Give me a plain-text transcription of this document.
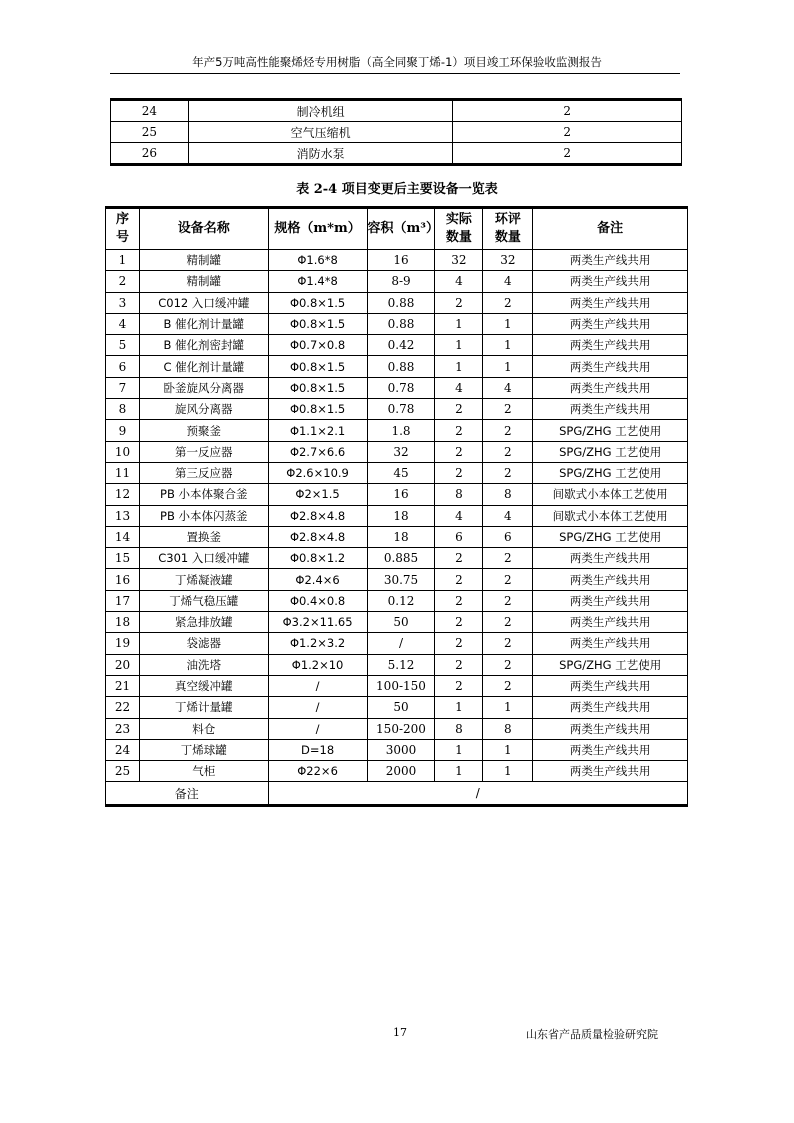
年产5万吨高性能聚烯烃专用树脂（高全同聚丁烯-1）项目竣工环保验收监测报告
24	制冷机组	2
25	空气压缩机	2
26	消防水泵	2
表 2-4 项目变更后主要设备一览表
序号	设备名称	规格（m*m）	容积（m³）	实际数量	环评数量	备注
1	精制罐	Φ1.6*8	16	32	32	两类生产线共用
2	精制罐	Φ1.4*8	8-9	4	4	两类生产线共用
3	C012 入口缓冲罐	Φ0.8×1.5	0.88	2	2	两类生产线共用
4	B 催化剂计量罐	Φ0.8×1.5	0.88	1	1	两类生产线共用
5	B 催化剂密封罐	Φ0.7×0.8	0.42	1	1	两类生产线共用
6	C 催化剂计量罐	Φ0.8×1.5	0.88	1	1	两类生产线共用
7	卧釜旋风分离器	Φ0.8×1.5	0.78	4	4	两类生产线共用
8	旋风分离器	Φ0.8×1.5	0.78	2	2	两类生产线共用
9	预聚釜	Φ1.1×2.1	1.8	2	2	SPG/ZHG 工艺使用
10	第一反应器	Φ2.7×6.6	32	2	2	SPG/ZHG 工艺使用
11	第三反应器	Φ2.6×10.9	45	2	2	SPG/ZHG 工艺使用
12	PB 小本体聚合釜	Φ2×1.5	16	8	8	间歇式小本体工艺使用
13	PB 小本体闪蒸釜	Φ2.8×4.8	18	4	4	间歇式小本体工艺使用
14	置换釜	Φ2.8×4.8	18	6	6	SPG/ZHG 工艺使用
15	C301 入口缓冲罐	Φ0.8×1.2	0.885	2	2	两类生产线共用
16	丁烯凝液罐	Φ2.4×6	30.75	2	2	两类生产线共用
17	丁烯气稳压罐	Φ0.4×0.8	0.12	2	2	两类生产线共用
18	紧急排放罐	Φ3.2×11.65	50	2	2	两类生产线共用
19	袋滤器	Φ1.2×3.2	/	2	2	两类生产线共用
20	油洗塔	Φ1.2×10	5.12	2	2	SPG/ZHG 工艺使用
21	真空缓冲罐	/	100-150	2	2	两类生产线共用
22	丁烯计量罐	/	50	1	1	两类生产线共用
23	料仓	/	150-200	8	8	两类生产线共用
24	丁烯球罐	D=18	3000	1	1	两类生产线共用
25	气柜	Φ22×6	2000	1	1	两类生产线共用
备注		/				
17	山东省产品质量检验研究院
